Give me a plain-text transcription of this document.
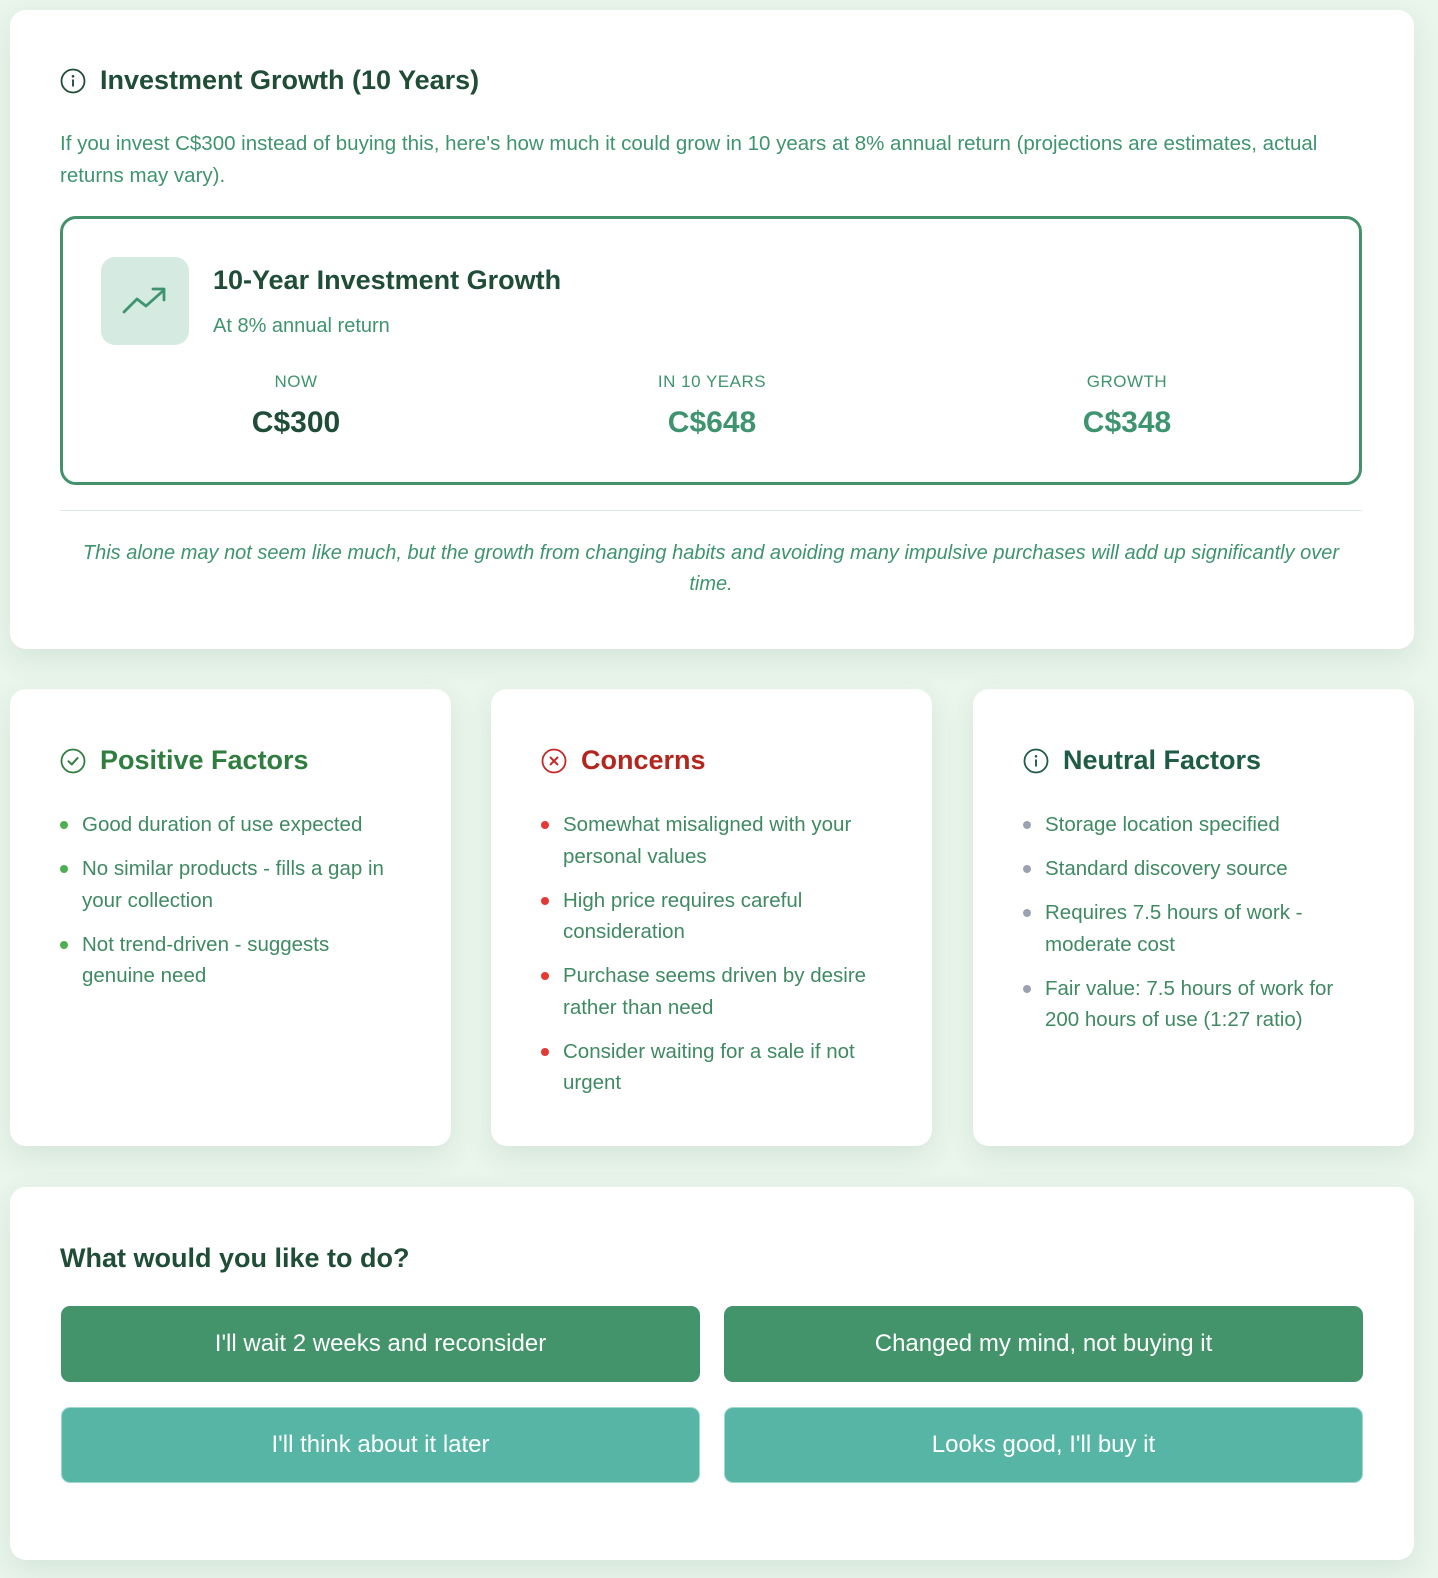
Investment Growth (10 Years)

If you invest C$300 instead of buying this, here's how much it could grow in 10 years at 8% annual return (projections are estimates, actual returns may vary).

10-Year Investment Growth
At 8% annual return
NOW
C$300
IN 10 YEARS
C$648
GROWTH
C$348

This alone may not seem like much, but the growth from changing habits and avoiding many impulsive purchases will add up significantly over time.

Positive Factors
Good duration of use expected
No similar products - fills a gap in your collection
Not trend-driven - suggests genuine need
Concerns
Somewhat misaligned with your personal values
High price requires careful consideration
Purchase seems driven by desire rather than need
Consider waiting for a sale if not urgent
Neutral Factors
Storage location specified
Standard discovery source
Requires 7.5 hours of work - moderate cost
Fair value: 7.5 hours of work for 200 hours of use (1:27 ratio)
What would you like to do?
I'll wait 2 weeks and reconsider	Changed my mind, not buying it
I'll think about it later	Looks good, I'll buy it
